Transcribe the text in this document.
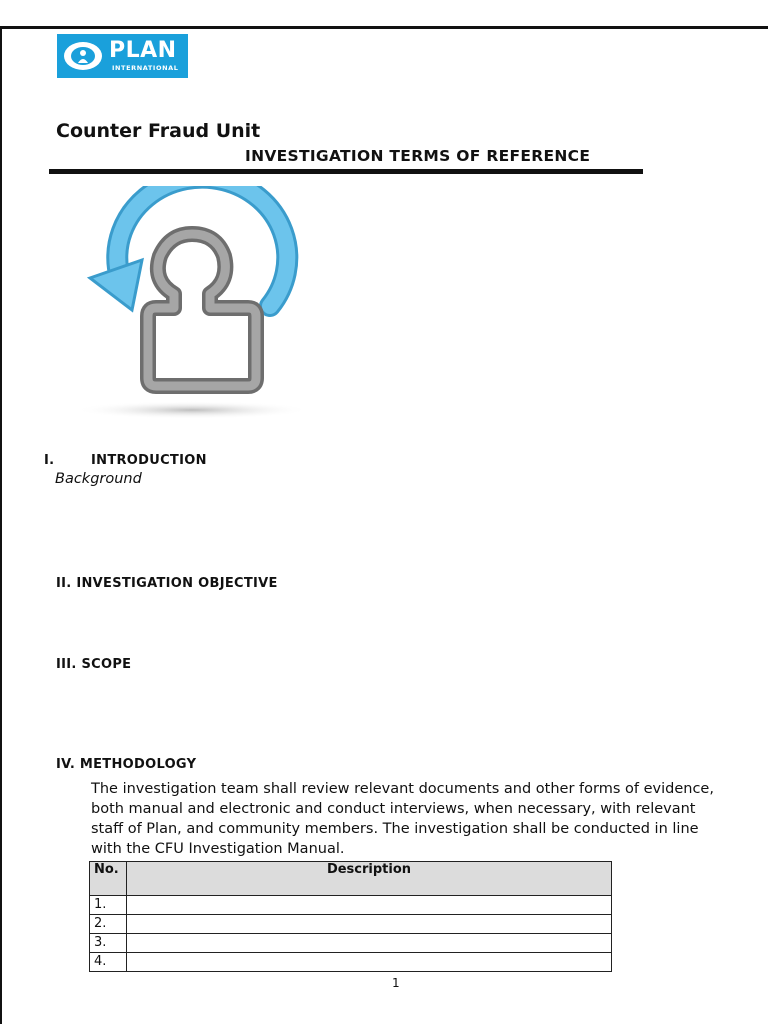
PLAN
INTERNATIONAL
Counter Fraud Unit
INVESTIGATION TERMS OF REFERENCE
I.	INTRODUCTION
Background
II. INVESTIGATION OBJECTIVE
III. SCOPE
IV. METHODOLOGY
The investigation team shall review relevant documents and other forms of evidence, both manual and electronic and conduct interviews, when necessary, with relevant staff of Plan, and community members. The investigation shall be conducted in line with the CFU Investigation Manual.
No.	Description
1.	
2.	
3.	
4.	
1
